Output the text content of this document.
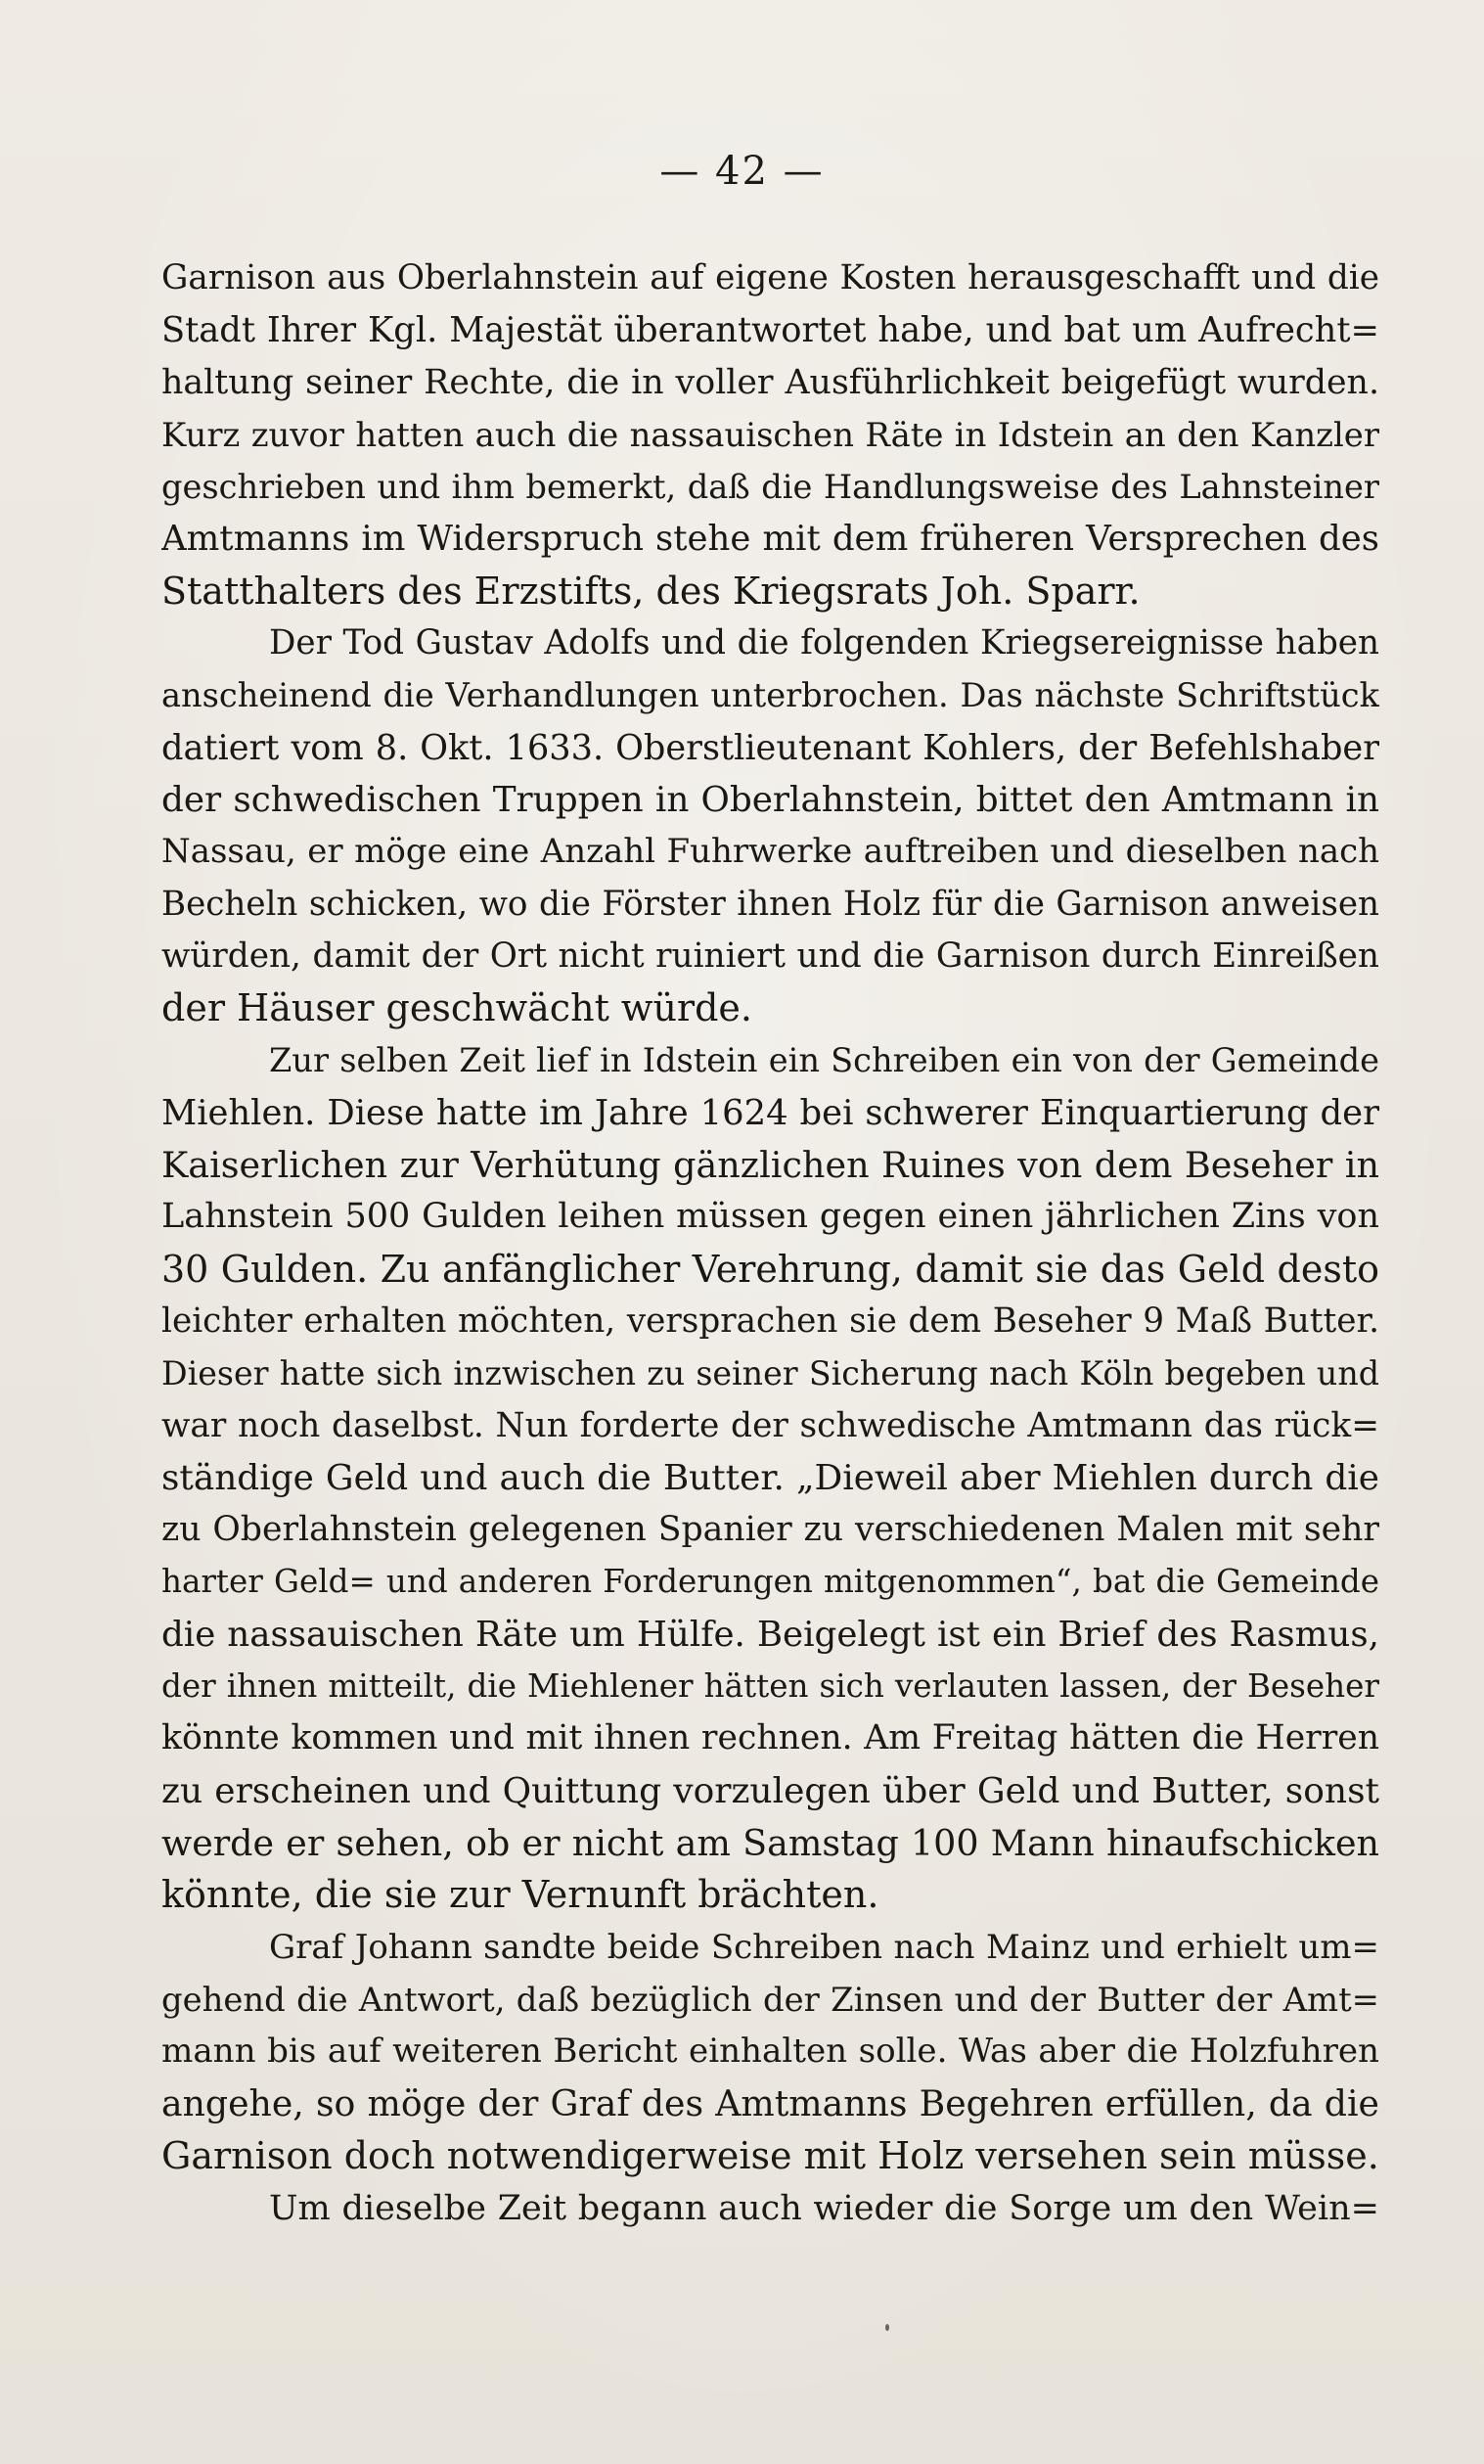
— 42 —
Garnison aus Oberlahnstein auf eigene Kosten herausgeschafft und die
Stadt Ihrer Kgl. Majestät überantwortet habe, und bat um Aufrecht=
haltung seiner Rechte, die in voller Ausführlichkeit beigefügt wurden.
Kurz zuvor hatten auch die nassauischen Räte in Idstein an den Kanzler
geschrieben und ihm bemerkt, daß die Handlungsweise des Lahnsteiner
Amtmanns im Widerspruch stehe mit dem früheren Versprechen des
Statthalters des Erzstifts, des Kriegsrats Joh. Sparr.
Der Tod Gustav Adolfs und die folgenden Kriegsereignisse haben
anscheinend die Verhandlungen unterbrochen. Das nächste Schriftstück
datiert vom 8. Okt. 1633. Oberstlieutenant Kohlers, der Befehlshaber
der schwedischen Truppen in Oberlahnstein, bittet den Amtmann in
Nassau, er möge eine Anzahl Fuhrwerke auftreiben und dieselben nach
Becheln schicken, wo die Förster ihnen Holz für die Garnison anweisen
würden, damit der Ort nicht ruiniert und die Garnison durch Einreißen
der Häuser geschwächt würde.
Zur selben Zeit lief in Idstein ein Schreiben ein von der Gemeinde
Miehlen. Diese hatte im Jahre 1624 bei schwerer Einquartierung der
Kaiserlichen zur Verhütung gänzlichen Ruines von dem Beseher in
Lahnstein 500 Gulden leihen müssen gegen einen jährlichen Zins von
30 Gulden. Zu anfänglicher Verehrung, damit sie das Geld desto
leichter erhalten möchten, versprachen sie dem Beseher 9 Maß Butter.
Dieser hatte sich inzwischen zu seiner Sicherung nach Köln begeben und
war noch daselbst. Nun forderte der schwedische Amtmann das rück=
ständige Geld und auch die Butter. „Dieweil aber Miehlen durch die
zu Oberlahnstein gelegenen Spanier zu verschiedenen Malen mit sehr
harter Geld= und anderen Forderungen mitgenommen“, bat die Gemeinde
die nassauischen Räte um Hülfe. Beigelegt ist ein Brief des Rasmus,
der ihnen mitteilt, die Miehlener hätten sich verlauten lassen, der Beseher
könnte kommen und mit ihnen rechnen. Am Freitag hätten die Herren
zu erscheinen und Quittung vorzulegen über Geld und Butter, sonst
werde er sehen, ob er nicht am Samstag 100 Mann hinaufschicken
könnte, die sie zur Vernunft brächten.
Graf Johann sandte beide Schreiben nach Mainz und erhielt um=
gehend die Antwort, daß bezüglich der Zinsen und der Butter der Amt=
mann bis auf weiteren Bericht einhalten solle. Was aber die Holzfuhren
angehe, so möge der Graf des Amtmanns Begehren erfüllen, da die
Garnison doch notwendigerweise mit Holz versehen sein müsse.
Um dieselbe Zeit begann auch wieder die Sorge um den Wein=
